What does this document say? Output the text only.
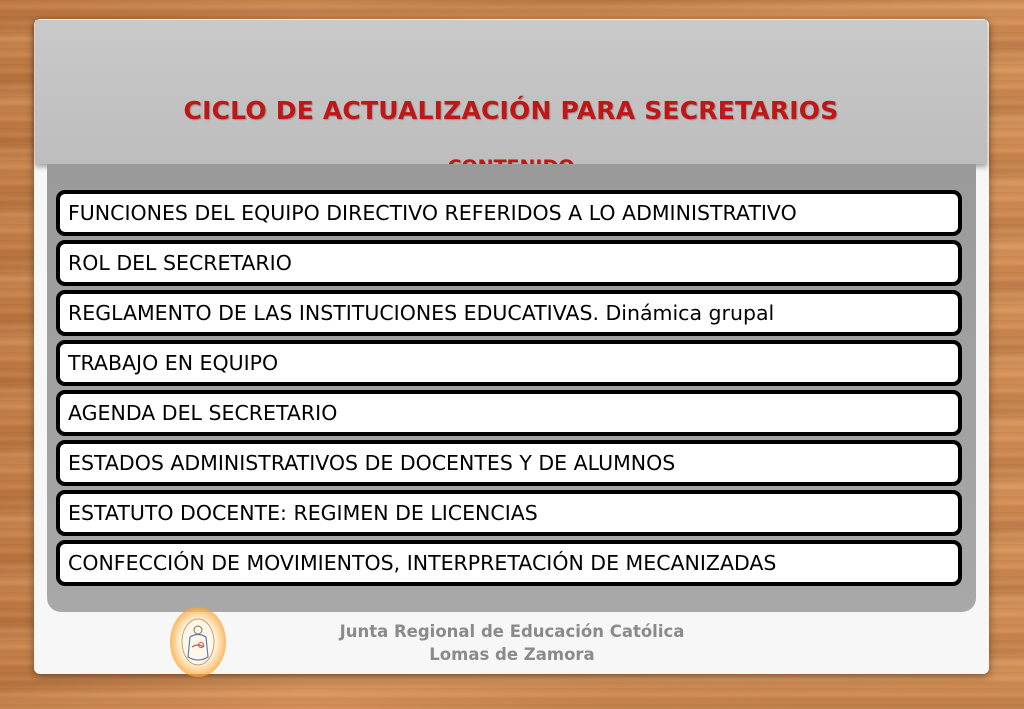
CICLO DE ACTUALIZACIÓN PARA SECRETARIOS
FUNCIONES DEL EQUIPO DIRECTIVO REFERIDOS A LO ADMINISTRATIVO
ROL DEL SECRETARIO
REGLAMENTO DE LAS INSTITUCIONES EDUCATIVAS. Dinámica grupal
TRABAJO EN EQUIPO
AGENDA DEL SECRETARIO
ESTADOS ADMINISTRATIVOS DE DOCENTES Y DE ALUMNOS
ESTATUTO DOCENTE: REGIMEN DE LICENCIAS
CONFECCIÓN DE MOVIMIENTOS, INTERPRETACIÓN DE MECANIZADAS
Junta Regional de Educación Católica
Lomas de Zamora
